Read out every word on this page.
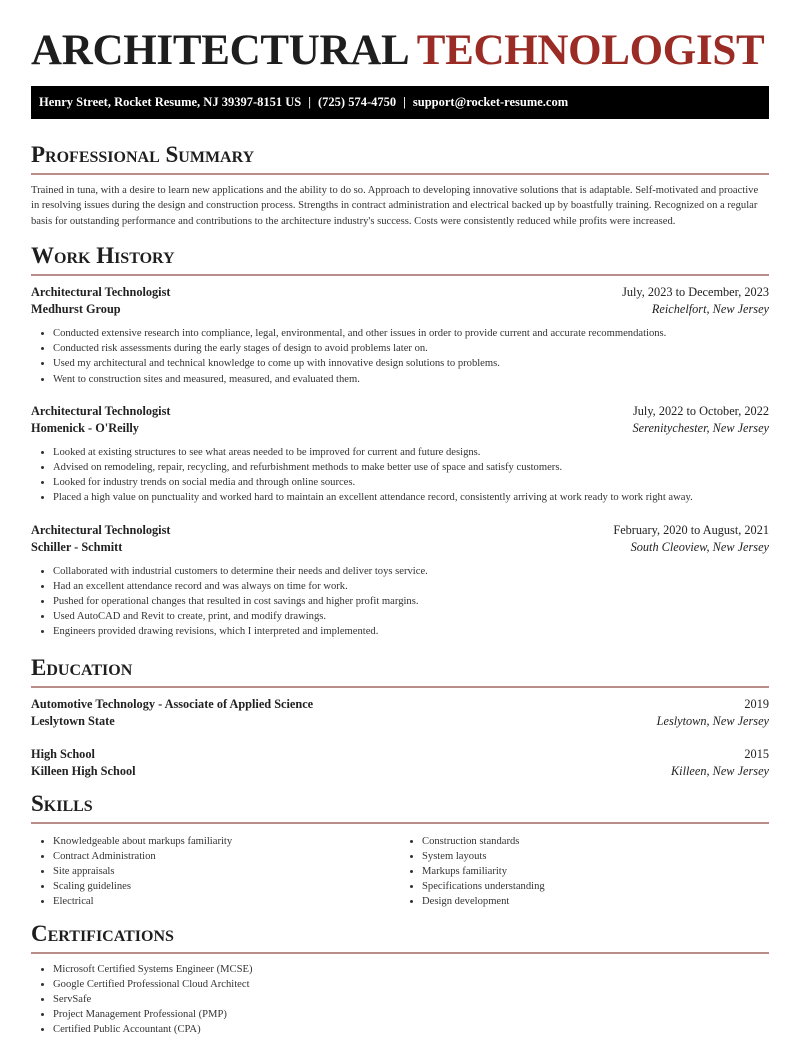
ARCHITECTURAL TECHNOLOGIST
Henry Street, Rocket Resume, NJ 39397-8151 US | (725) 574-4750 | support@rocket-resume.com
Professional Summary

Trained in tuna, with a desire to learn new applications and the ability to do so. Approach to developing innovative solutions that is adaptable. Self-motivated and proactive in resolving issues during the design and construction process. Strengths in contract administration and electrical backed up by boastfully training. Recognized on a regular basis for outstanding performance and contributions to the architecture industry's success. Costs were consistently reduced while profits were increased.

Work History
Architectural Technologist	July, 2023 to December, 2023
Medhurst Group	Reichelfort, New Jersey
• Conducted extensive research into compliance, legal, environmental, and other issues in order to provide current and accurate recommendations.
• Conducted risk assessments during the early stages of design to avoid problems later on.
• Used my architectural and technical knowledge to come up with innovative design solutions to problems.
• Went to construction sites and measured, measured, and evaluated them.
Architectural Technologist	July, 2022 to October, 2022
Homenick - O'Reilly	Serenitychester, New Jersey
• Looked at existing structures to see what areas needed to be improved for current and future designs.
• Advised on remodeling, repair, recycling, and refurbishment methods to make better use of space and satisfy customers.
• Looked for industry trends on social media and through online sources.
• Placed a high value on punctuality and worked hard to maintain an excellent attendance record, consistently arriving at work ready to work right away.
Architectural Technologist	February, 2020 to August, 2021
Schiller - Schmitt	South Cleoview, New Jersey
• Collaborated with industrial customers to determine their needs and deliver toys service.
• Had an excellent attendance record and was always on time for work.
• Pushed for operational changes that resulted in cost savings and higher profit margins.
• Used AutoCAD and Revit to create, print, and modify drawings.
• Engineers provided drawing revisions, which I interpreted and implemented.
Education
Automotive Technology - Associate of Applied Science	2019
Leslytown State	Leslytown, New Jersey
High School	2015
Killeen High School	Killeen, New Jersey
Skills
• Knowledgeable about markups familiarity
• Contract Administration
• Site appraisals
• Scaling guidelines
• Electrical
• Construction standards
• System layouts
• Markups familiarity
• Specifications understanding
• Design development
Certifications
• Microsoft Certified Systems Engineer (MCSE)
• Google Certified Professional Cloud Architect
• ServSafe
• Project Management Professional (PMP)
• Certified Public Accountant (CPA)
